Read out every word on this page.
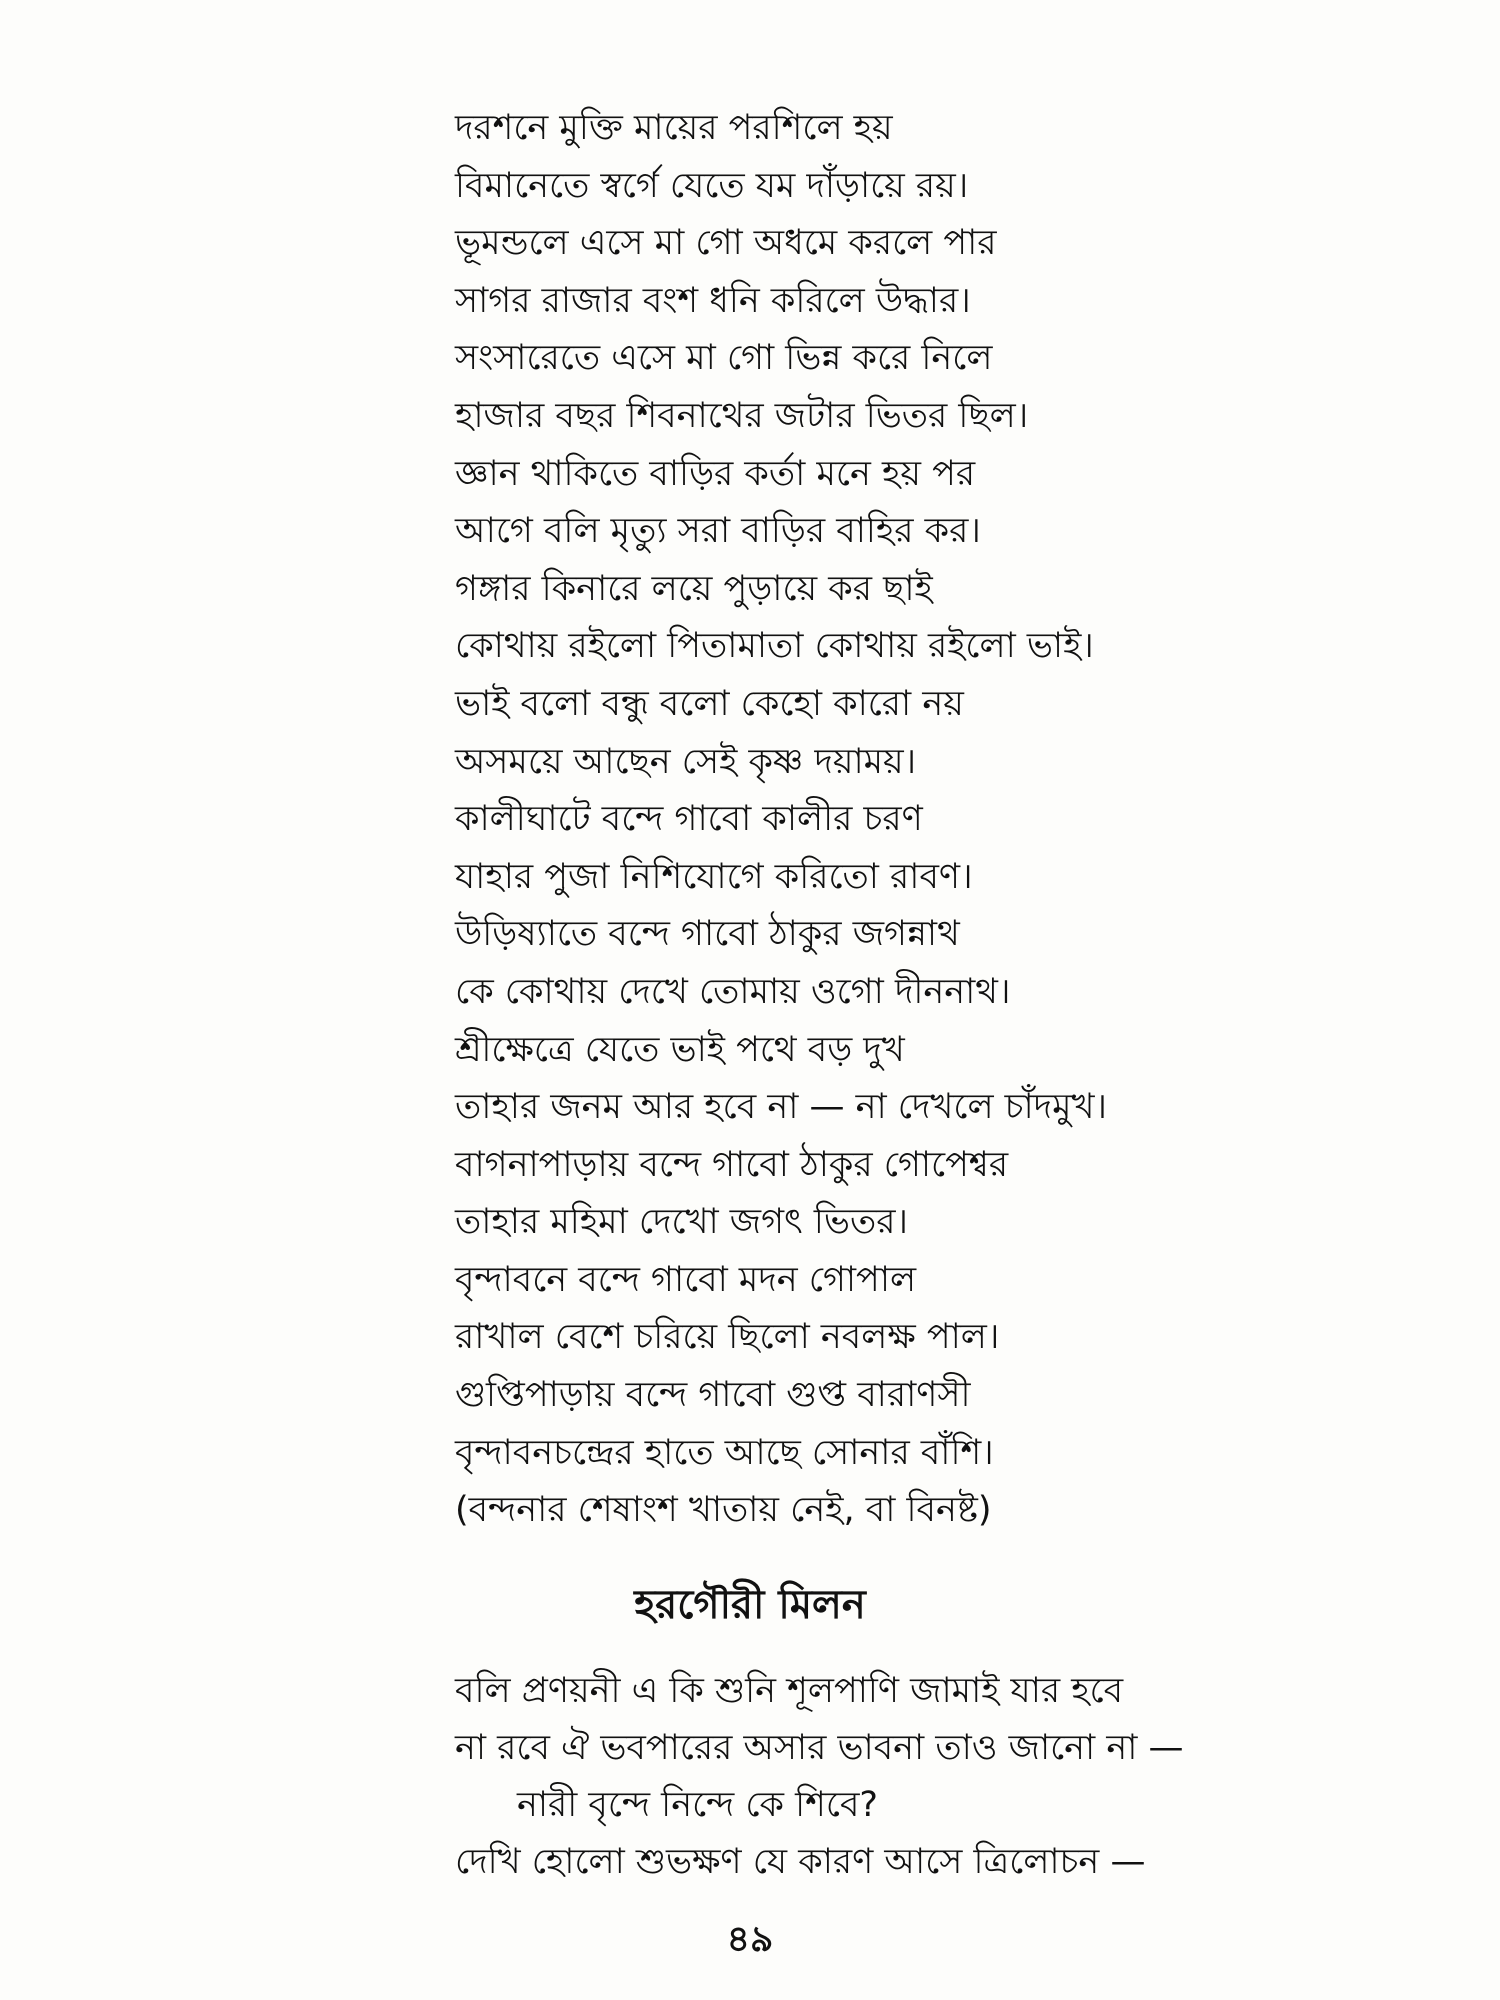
দরশনে মুক্তি মায়ের পরশিলে হয়
বিমানেতে স্বর্গে যেতে যম দাঁড়ায়ে রয়।
ভূমন্ডলে এসে মা গো অধমে করলে পার
সাগর রাজার বংশ ধনি করিলে উদ্ধার।
সংসারেতে এসে মা গো ভিন্ন করে নিলে
হাজার বছর শিবনাথের জটার ভিতর ছিল।
জ্ঞান থাকিতে বাড়ির কর্তা মনে হয় পর
আগে বলি মৃত্যু সরা বাড়ির বাহির কর।
গঙ্গার কিনারে লয়ে পুড়ায়ে কর ছাই
কোথায় রইলো পিতামাতা কোথায় রইলো ভাই।
ভাই বলো বন্ধু বলো কেহো কারো নয়
অসময়ে আছেন সেই কৃষ্ণ দয়াময়।
কালীঘাটে বন্দে গাবো কালীর চরণ
যাহার পুজা নিশিযোগে করিতো রাবণ।
উড়িষ্যাতে বন্দে গাবো ঠাকুর জগন্নাথ
কে কোথায় দেখে তোমায় ওগো দীননাথ।
শ্রীক্ষেত্রে যেতে ভাই পথে বড় দুখ
তাহার জনম আর হবে না — না দেখলে চাঁদমুখ।
বাগনাপাড়ায় বন্দে গাবো ঠাকুর গোপেশ্বর
তাহার মহিমা দেখো জগৎ ভিতর।
বৃন্দাবনে বন্দে গাবো মদন গোপাল
রাখাল বেশে চরিয়ে ছিলো নবলক্ষ পাল।
গুপ্তিপাড়ায় বন্দে গাবো গুপ্ত বারাণসী
বৃন্দাবনচন্দ্রের হাতে আছে সোনার বাঁশি।
(বন্দনার শেষাংশ খাতায় নেই, বা বিনষ্ট)
হরগৌরী মিলন
বলি প্রণয়নী এ কি শুনি শূলপাণি জামাই যার হবে
না রবে ঐ ভবপারের অসার ভাবনা তাও জানো না —
নারী বৃন্দে নিন্দে কে শিবে?
দেখি হোলো শুভক্ষণ যে কারণ আসে ত্রিলোচন —
৪৯
